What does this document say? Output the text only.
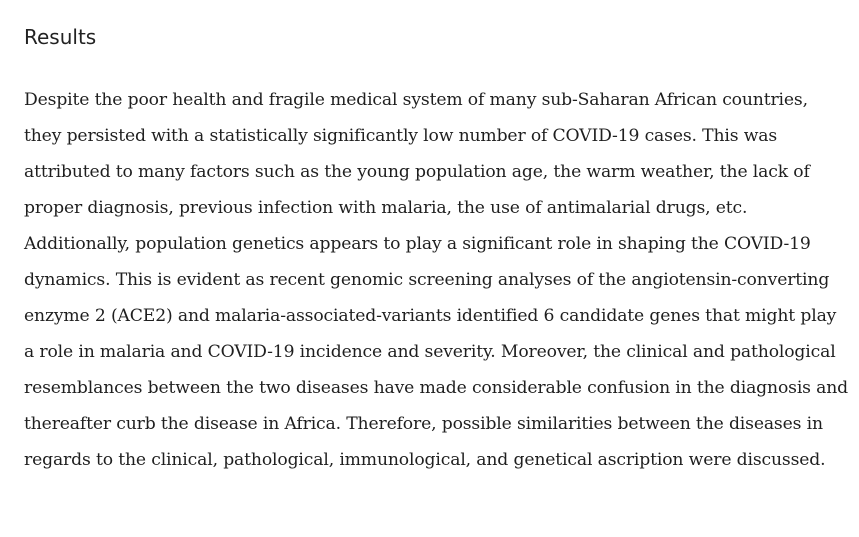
Results

Despite the poor health and fragile medical system of many sub-Saharan African countries, they persisted with a statistically significantly low number of COVID-19 cases. This was attributed to many factors such as the young population age, the warm weather, the lack of proper diagnosis, previous infection with malaria, the use of antimalarial drugs, etc. Additionally, population genetics appears to play a significant role in shaping the COVID-19 dynamics. This is evident as recent genomic screening analyses of the angiotensin-converting enzyme 2 (ACE2) and malaria-associated-variants identified 6 candidate genes that might play a role in malaria and COVID-19 incidence and severity. Moreover, the clinical and pathological resemblances between the two diseases have made considerable confusion in the diagnosis and thereafter curb the disease in Africa. Therefore, possible similarities between the diseases in regards to the clinical, pathological, immunological, and genetical ascription were discussed.
